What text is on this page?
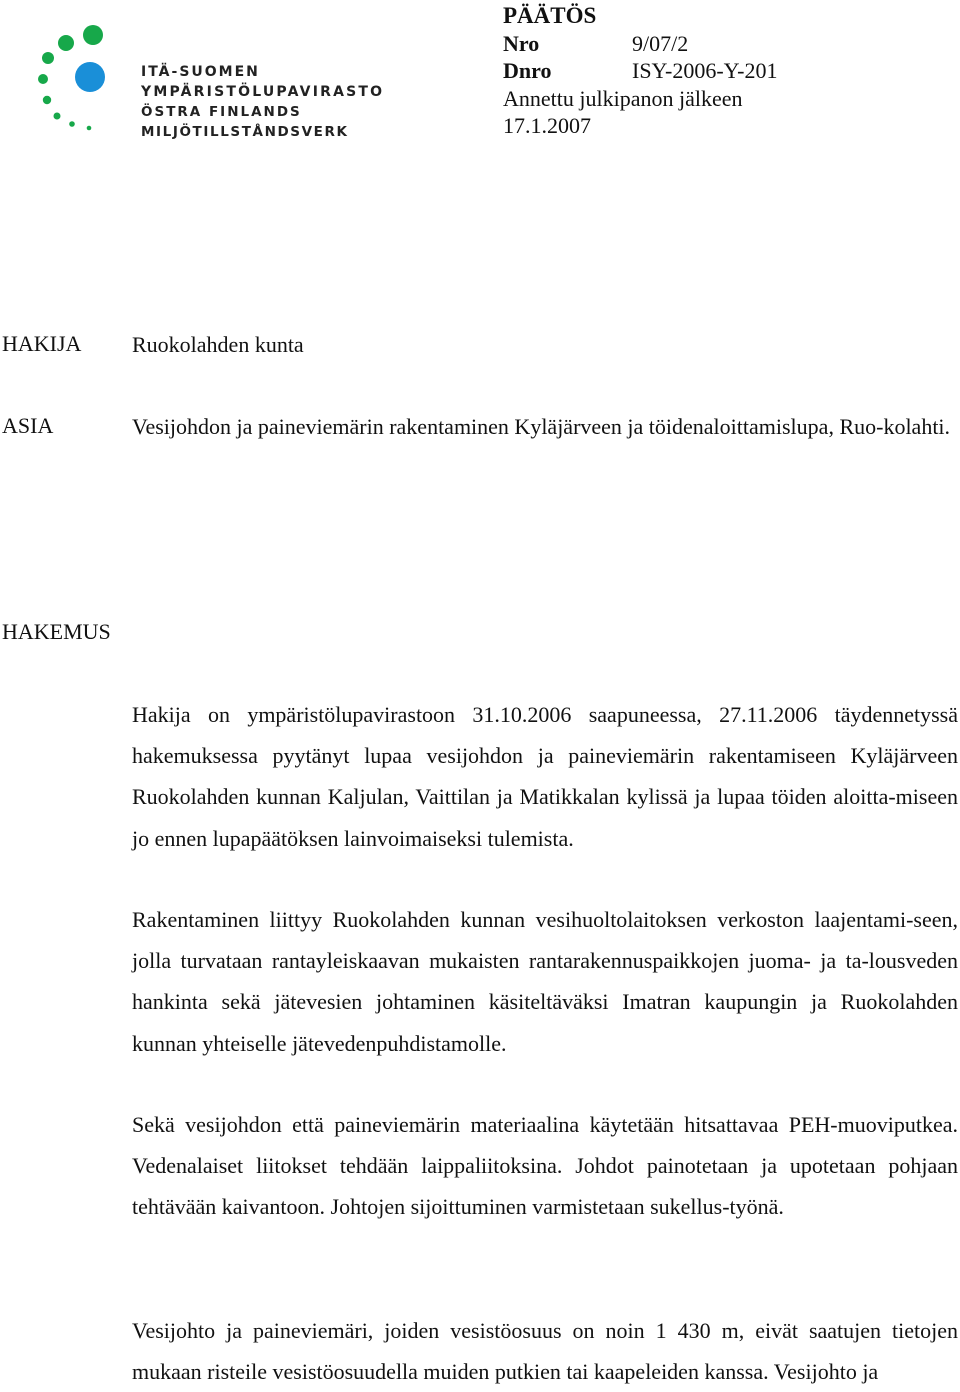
ITÄ-SUOMEN
YMPÄRISTÖLUPAVIRASTO
ÖSTRA FINLANDS
MILJÖTILLSTÅNDSVERK
PÄÄTÖS
Nro	9/07/2
Dnro	ISY-2006-Y-201
Annettu julkipanon jälkeen
17.1.2007
HAKIJA Ruokolahden kunta
ASIA	Vesijohdon ja paineviemärin rakentaminen Kyläjärveen ja töidenaloittamislupa, Ruo-kolahti.
HAKEMUS
Hakija on ympäristölupavirastoon 31.10.2006 saapuneessa, 27.11.2006 täydennetyssä hakemuksessa pyytänyt lupaa vesijohdon ja paineviemärin rakentamiseen Kyläjärveen Ruokolahden kunnan Kaljulan, Vaittilan ja Matikkalan kylissä ja lupaa töiden aloitta-miseen jo ennen lupapäätöksen lainvoimaiseksi tulemista.
Rakentaminen liittyy Ruokolahden kunnan vesihuoltolaitoksen verkoston laajentami-seen, jolla turvataan rantayleiskaavan mukaisten rantarakennuspaikkojen juoma- ja ta-lousveden hankinta sekä jätevesien johtaminen käsiteltäväksi Imatran kaupungin ja Ruokolahden kunnan yhteiselle jätevedenpuhdistamolle.
Sekä vesijohdon että paineviemärin materiaalina käytetään hitsattavaa PEH-muoviputkea. Vedenalaiset liitokset tehdään laippaliitoksina. Johdot painotetaan ja upotetaan pohjaan tehtävään kaivantoon. Johtojen sijoittuminen varmistetaan sukellus-työnä.
Vesijohto ja paineviemäri, joiden vesistöosuus on noin 1 430 m, eivät saatujen tietojen mukaan risteile vesistöosuudella muiden putkien tai kaapeleiden kanssa. Vesijohto ja
